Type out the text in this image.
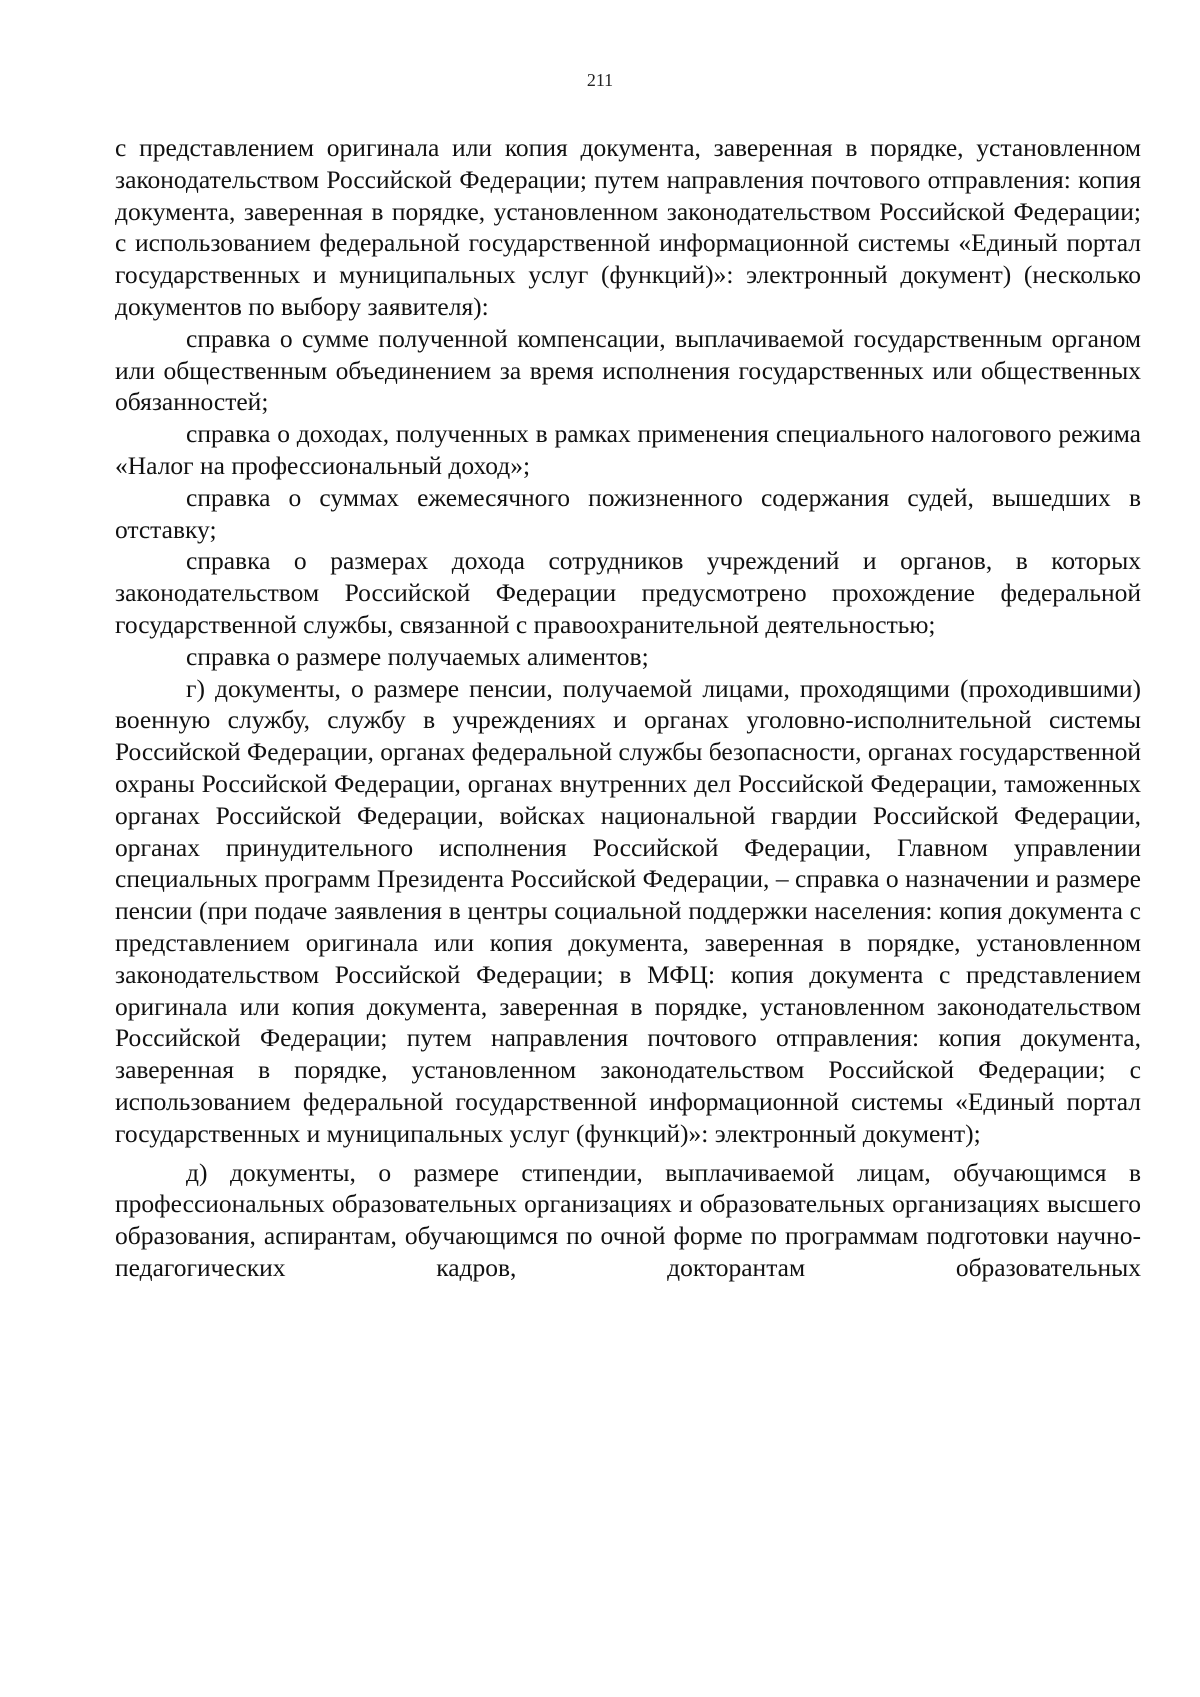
211

с представлением оригинала или копия документа, заверенная в порядке, установленном законодательством Российской Федерации; путем направления почтового отправления: копия документа, заверенная в порядке, установленном законодательством Российской Федерации; с использованием федеральной государственной информационной системы «Единый портал государственных и муниципальных услуг (функций)»: электронный документ) (несколько документов по выбору заявителя):

справка о сумме полученной компенсации, выплачиваемой государственным органом или общественным объединением за время исполнения государственных или общественных обязанностей;

справка о доходах, полученных в рамках применения специального налогового режима «Налог на профессиональный доход»;

справка о суммах ежемесячного пожизненного содержания судей, вышедших в отставку;

справка о размерах дохода сотрудников учреждений и органов, в которых законодательством Российской Федерации предусмотрено прохождение федеральной государственной службы, связанной с правоохранительной деятельностью;

справка о размере получаемых алиментов;

г) документы, о размере пенсии, получаемой лицами, проходящими (проходившими) военную службу, службу в учреждениях и органах уголовно-исполнительной системы Российской Федерации, органах федеральной службы безопасности, органах государственной охраны Российской Федерации, органах внутренних дел Российской Федерации, таможенных органах Российской Федерации, войсках национальной гвардии Российской Федерации, органах принудительного исполнения Российской Федерации, Главном управлении специальных программ Президента Российской Федерации, – справка о назначении и размере пенсии (при подаче заявления в центры социальной поддержки населения: копия документа с представлением оригинала или копия документа, заверенная в порядке, установленном законодательством Российской Федерации; в МФЦ: копия документа с представлением оригинала или копия документа, заверенная в порядке, установленном законодательством Российской Федерации; путем направления почтового отправления: копия документа, заверенная в порядке, установленном законодательством Российской Федерации; с использованием федеральной государственной информационной системы «Единый портал государственных и муниципальных услуг (функций)»: электронный документ);

д) документы, о размере стипендии, выплачиваемой лицам, обучающимся в профессиональных образовательных организациях и образовательных организациях высшего образования, аспирантам, обучающимся по очной форме по программам подготовки научно-педагогических кадров, докторантам образовательных
